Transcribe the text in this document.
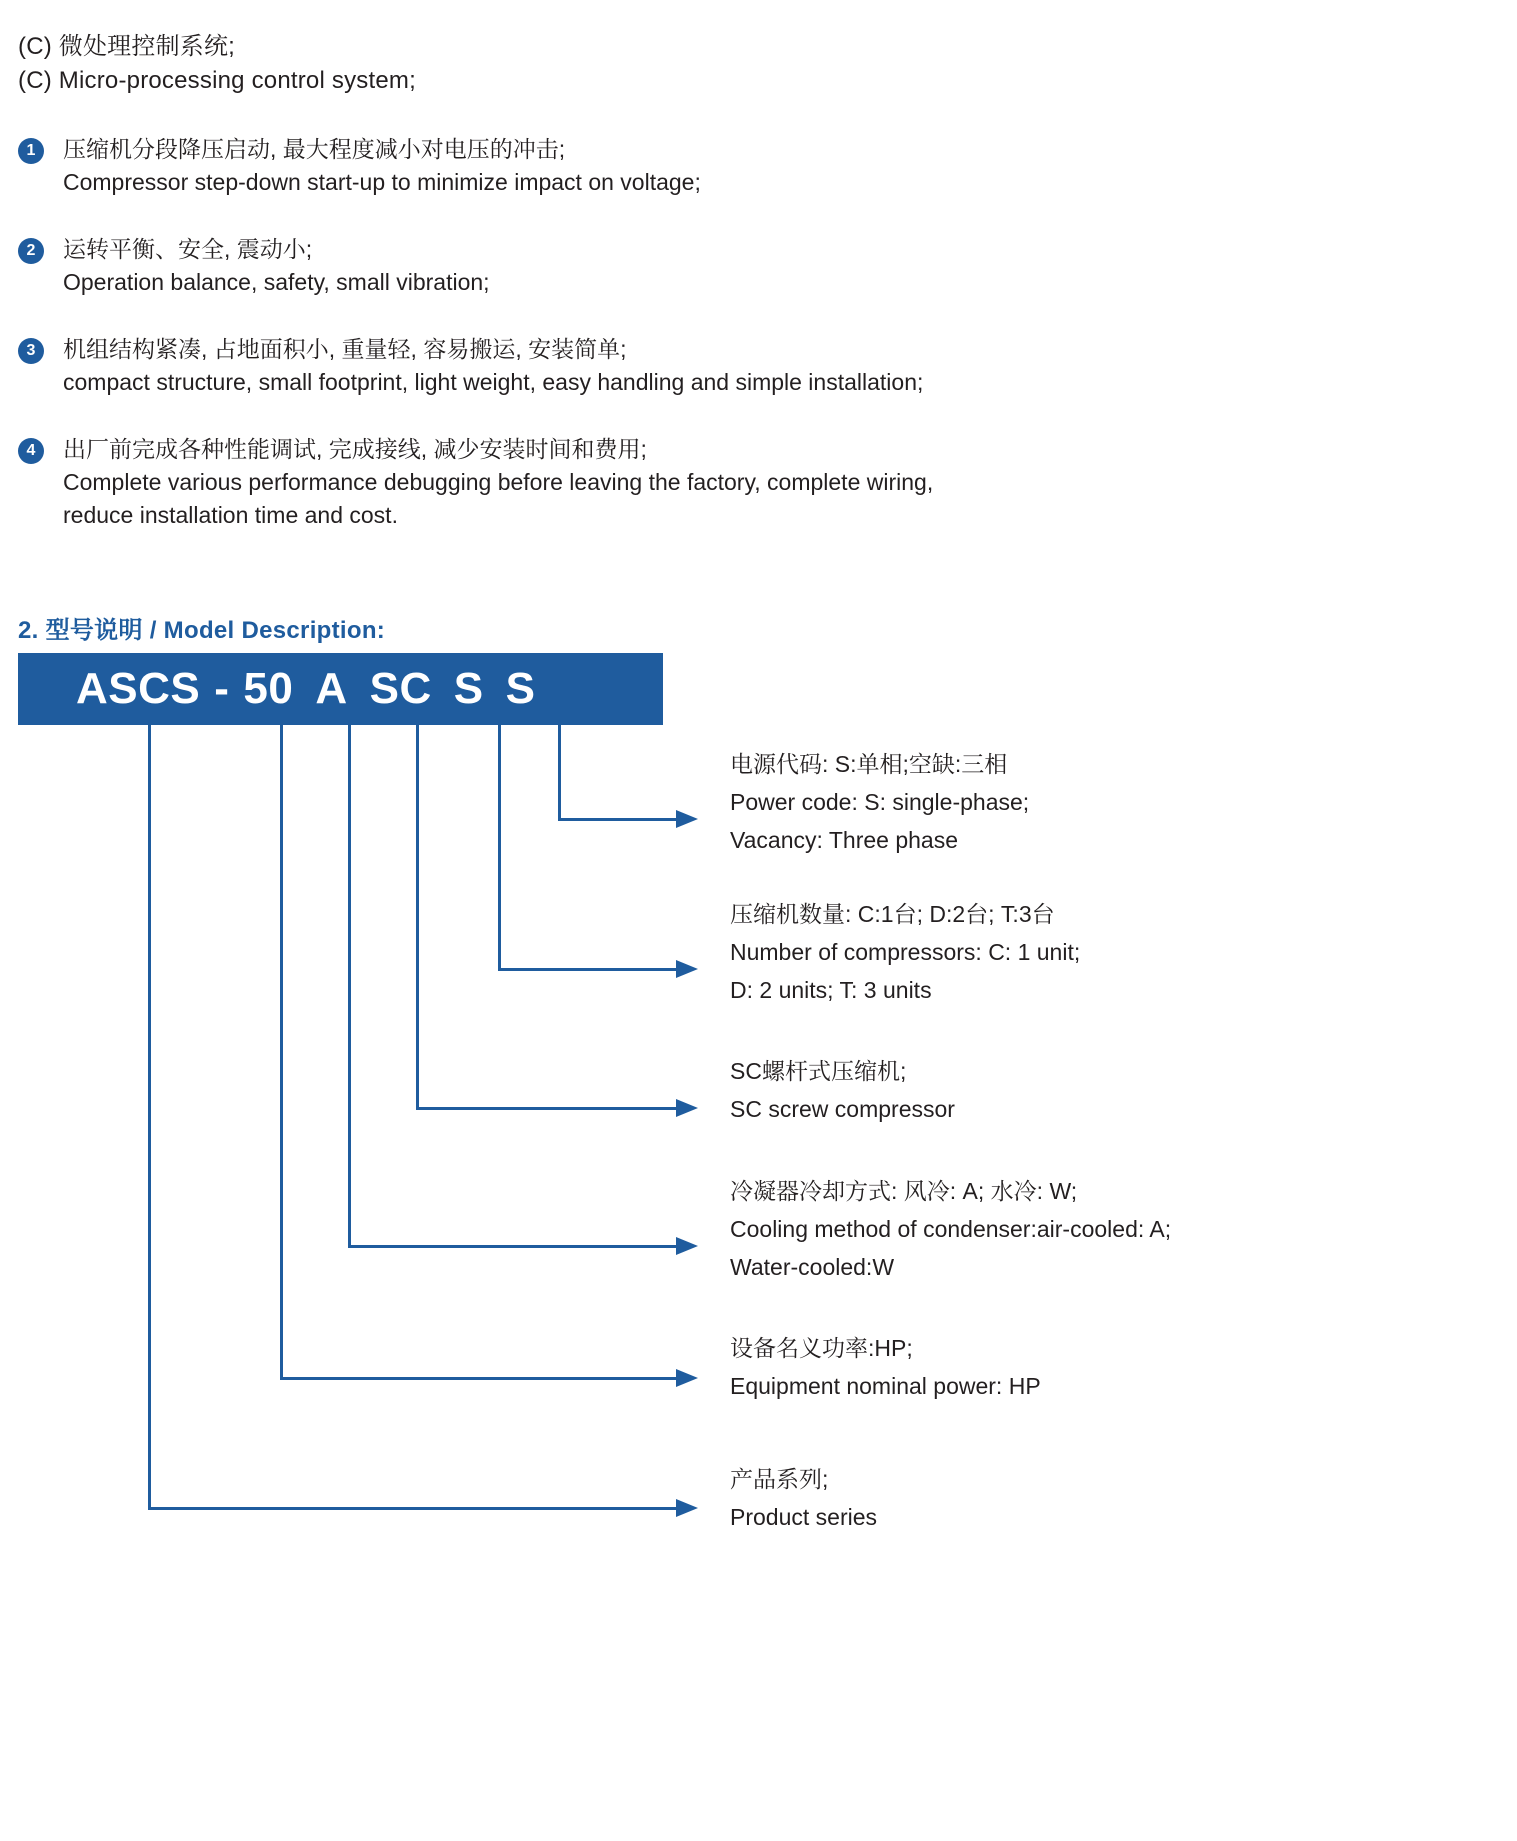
(C) 微处理控制系统;
(C) Micro-processing control system;
1	压缩机分段降压启动, 最大程度减小对电压的冲击;
Compressor step-down start-up to minimize impact on voltage;
2	运转平衡、安全, 震动小;
Operation balance, safety, small vibration;
3	机组结构紧凑, 占地面积小, 重量轻, 容易搬运, 安装简单;
compact structure, small footprint, light weight, easy handling and simple installation;
4	出厂前完成各种性能调试, 完成接线, 减少安装时间和费用;
Complete various performance debugging before leaving the factory, complete wiring,
reduce installation time and cost.
2. 型号说明 / Model Description:
ASCS - 50 A SC S S
电源代码: S:单相;空缺:三相
Power code: S: single-phase;
Vacancy: Three phase
压缩机数量: C:1台; D:2台; T:3台
Number of compressors: C: 1 unit;
D: 2 units; T: 3 units
SC螺杆式压缩机;
SC screw compressor
冷凝器冷却方式: 风冷: A; 水冷: W;
Cooling method of condenser:air-cooled: A;
Water-cooled:W
设备名义功率:HP;
Equipment nominal power: HP
产品系列;
Product series
